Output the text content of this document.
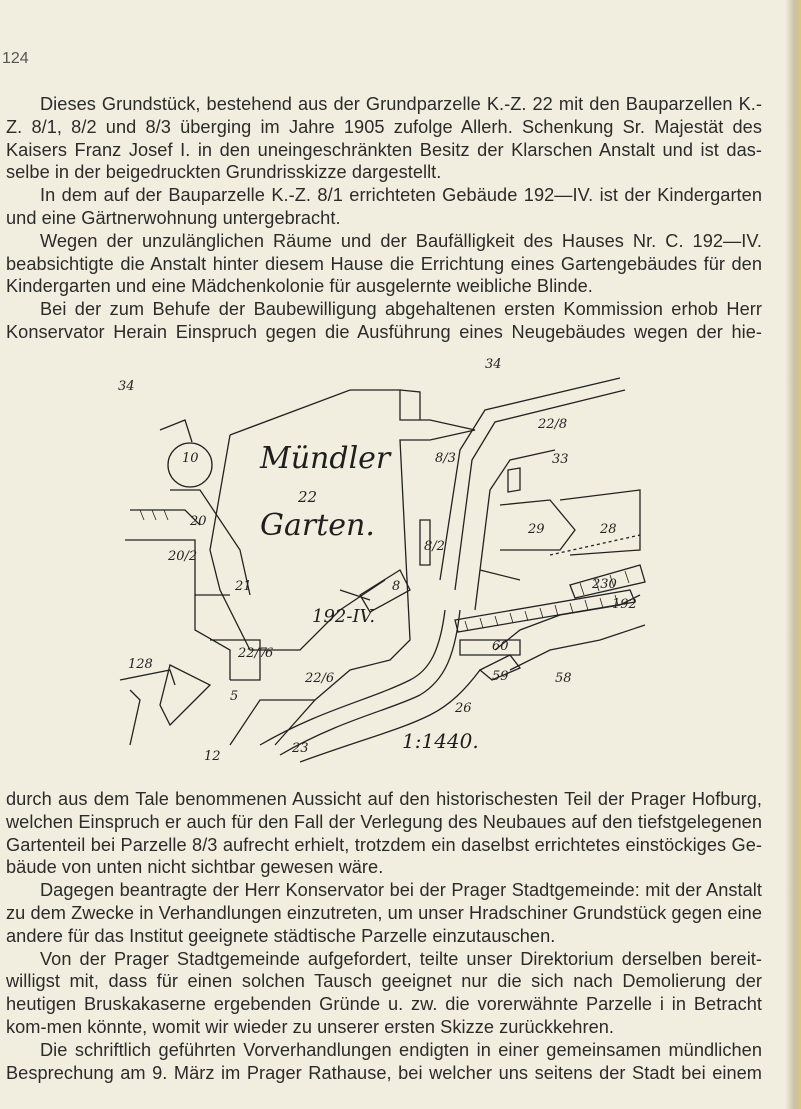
124

Dieses Grundstück, bestehend aus der Grundparzelle K.-Z. 22 mit den Bauparzellen K.-Z. 8/1, 8/2 und 8/3 überging im Jahre 1905 zufolge Allerh. Schenkung Sr. Majestät des Kaisers Franz Josef I. in den uneingeschränkten Besitz der Klarschen Anstalt und ist das-selbe in der beigedruckten Grundrisskizze dargestellt.

In dem auf der Bauparzelle K.-Z. 8/1 errichteten Gebäude 192—IV. ist der Kindergarten und eine Gärtnerwohnung untergebracht.

Wegen der unzulänglichen Räume und der Baufälligkeit des Hauses Nr. C. 192—IV. beabsichtigte die Anstalt hinter diesem Hause die Errichtung eines Gartengebäudes für den Kindergarten und eine Mädchenkolonie für ausgelernte weibliche Blinde.

Bei der zum Behufe der Baubewilligung abgehaltenen ersten Kommission erhob Herr Konservator Herain Einspruch gegen die Ausführung eines Neugebäudes wegen der hie-

34
34
10
20
20/2
21
22/7
6
128
5
22/6
12
8/3
8/2
8
22/8
33
29	28
230
192
60
59	58
26
23
22
Mündler
Garten.
192-IV.
1:1440.

durch aus dem Tale benommenen Aussicht auf den historischesten Teil der Prager Hofburg, welchen Einspruch er auch für den Fall der Verlegung des Neubaues auf den tiefstgelegenen Gartenteil bei Parzelle 8/3 aufrecht erhielt, trotzdem ein daselbst errichtetes einstöckiges Ge-bäude von unten nicht sichtbar gewesen wäre.

Dagegen beantragte der Herr Konservator bei der Prager Stadtgemeinde: mit der Anstalt zu dem Zwecke in Verhandlungen einzutreten, um unser Hradschiner Grundstück gegen eine andere für das Institut geeignete städtische Parzelle einzutauschen.

Von der Prager Stadtgemeinde aufgefordert, teilte unser Direktorium derselben bereit-willigst mit, dass für einen solchen Tausch geeignet nur die sich nach Demolierung der heutigen Bruskakaserne ergebenden Gründe u. zw. die vorerwähnte Parzelle i in Betracht kom-men könnte, womit wir wieder zu unserer ersten Skizze zurückkehren.

Die schriftlich geführten Vorverhandlungen endigten in einer gemeinsamen mündlichen Besprechung am 9. März im Prager Rathause, bei welcher uns seitens der Stadt bei einem
